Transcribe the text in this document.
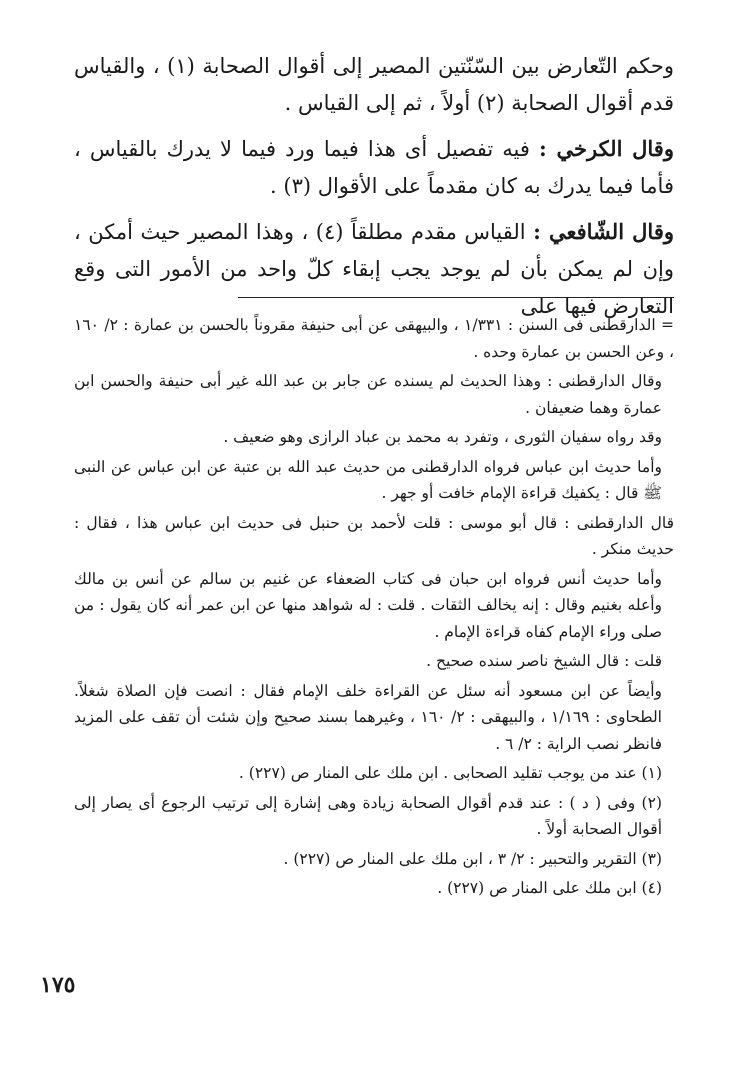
وحكم التّعارض بين السّنّتين المصير إلى أقوال الصحابة (١) ، والقياس قدم أقوال الصحابة (٢) أولاً ، ثم إلى القياس .

وقال الكرخي : فيه تفصيل أى هذا فيما ورد فيما لا يدرك بالقياس ، فأما فيما يدرك به كان مقدماً على الأقوال (٣) .

وقال الشّافعي : القياس مقدم مطلقاً (٤) ، وهذا المصير حيث أمكن ، وإن لم يمكن بأن لم يوجد يجب إبقاء كلّ واحد من الأمور التى وقع التعارض فيها على

= الدارقطنى فى السنن : ١/٣٣١ ، والبيهقى عن أبى حنيفة مقروناً بالحسن بن عمارة : ٢/ ١٦٠ ، وعن الحسن بن عمارة وحده .

وقال الدارقطنى : وهذا الحديث لم يسنده عن جابر بن عبد الله غير أبى حنيفة والحسن ابن عمارة وهما ضعيفان .

وقد رواه سفيان الثورى ، وتفرد به محمد بن عباد الرازى وهو ضعيف .

وأما حديث ابن عباس فرواه الدارقطنى من حديث عبد الله بن عتبة عن ابن عباس عن النبى ﷺ قال : يكفيك قراءة الإمام خافت أو جهر .

قال الدارقطنى : قال أبو موسى : قلت لأحمد بن حنبل فى حديث ابن عباس هذا ، فقال : حديث منكر .

وأما حديث أنس فرواه ابن حبان فى كتاب الضعفاء عن غنيم بن سالم عن أنس بن مالك وأعله بغنيم وقال : إنه يخالف الثقات . قلت : له شواهد منها عن ابن عمر أنه كان يقول : من صلى وراء الإمام كفاه قراءة الإمام .

قلت : قال الشيخ ناصر سنده صحيح .

وأيضاً عن ابن مسعود أنه سئل عن القراءة خلف الإمام فقال : انصت فإن الصلاة شغلاً. الطحاوى : ١/١٦٩ ، والبيهقى : ٢/ ١٦٠ ، وغيرهما بسند صحيح وإن شئت أن تقف على المزيد فانظر نصب الراية : ٢/ ٦ .

(١) عند من يوجب تقليد الصحابى . ابن ملك على المنار ص (٢٢٧) .

(٢) وفى ( د ) : عند قدم أقوال الصحابة زيادة وهى إشارة إلى ترتيب الرجوع أى يصار إلى أقوال الصحابة أولاً .

(٣) التقرير والتحبير : ٢/ ٣ ، ابن ملك على المنار ص (٢٢٧) .

(٤) ابن ملك على المنار ص (٢٢٧) .

١٧٥
